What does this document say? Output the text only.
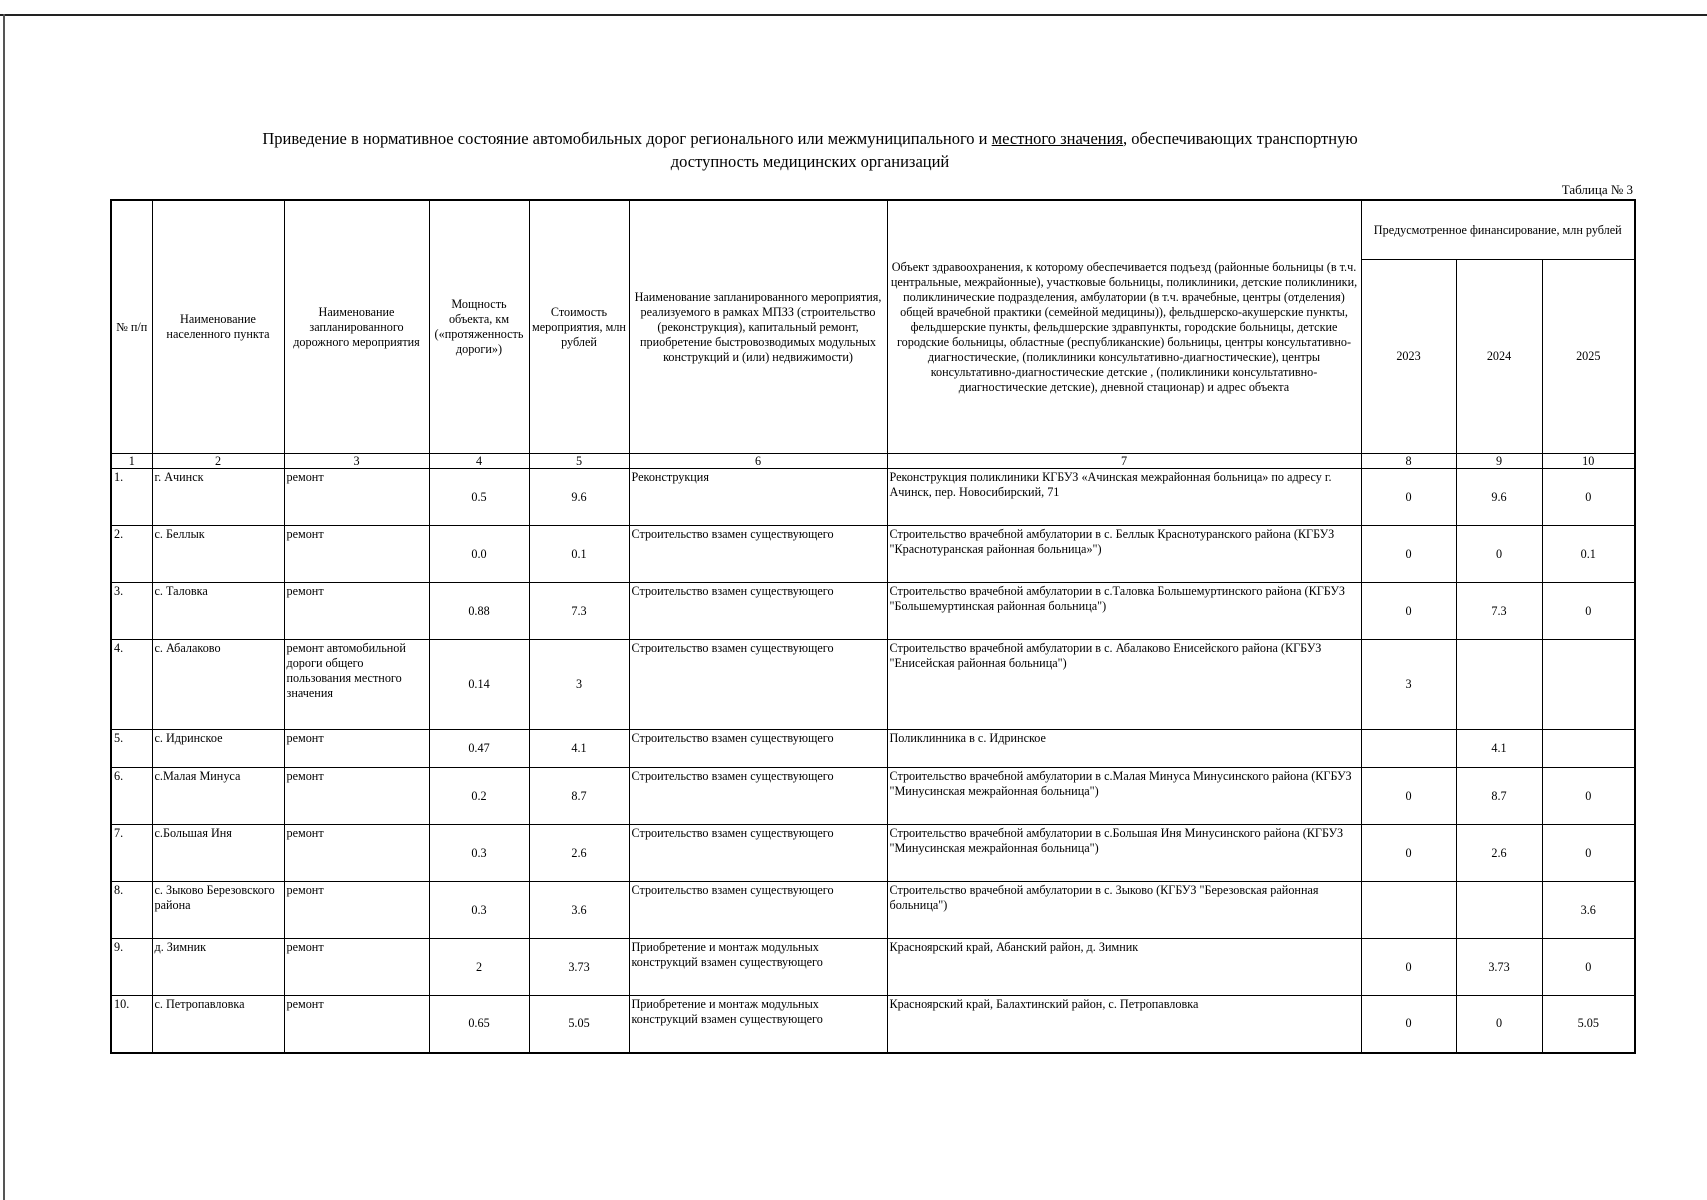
Приведение в нормативное состояние автомобильных дорог регионального или межмуниципального и местного значения, обеспечивающих транспортную
доступность медицинских организаций
Таблица № 3
№ п/п	Наименование населенного пункта	Наименование запланированного дорожного мероприятия	Мощность объекта, км («протяженность дороги»)	Стоимость мероприятия, млн рублей	Наименование запланированного мероприятия, реализуемого в рамках МПЗЗ (строительство (реконструкция), капитальный ремонт, приобретение быстровозводимых модульных конструкций и (или) недвижимости)	Объект здравоохранения, к которому обеспечивается подъезд (районные больницы (в т.ч. центральные, межрайонные), участковые больницы, поликлиники, детские поликлиники, поликлинические подразделения, амбулатории (в т.ч. врачебные, центры (отделения) общей врачебной практики (семейной медицины)), фельдшерско-акушерские пункты, фельдшерские пункты, фельдшерские здравпункты, городские больницы, детские городские больницы, областные (республиканские) больницы, центры консультативно-диагностические, (поликлиники консультативно-диагностические), центры консультативно-диагностические детские , (поликлиники консультативно-диагностические детские), дневной стационар) и адрес объекта	Предусмотренное финансирование, млн рублей		
							2023	2024	2025
1	2	3	4	5	6	7	8	9	10
1.	г. Ачинск	ремонт	0.5	9.6	Реконструкция	Реконструкция поликлиники КГБУЗ «Ачинская межрайонная больница» по адресу г. Ачинск, пер. Новосибирский, 71	0	9.6	0
2.	с. Беллык	ремонт	0.0	0.1	Строительство взамен существующего	Строительство врачебной амбулатории в с. Беллык Краснотуранского района (КГБУЗ "Краснотуранская районная больница»")	0	0	0.1
3.	с. Таловка	ремонт	0.88	7.3	Строительство взамен существующего	Строительство врачебной амбулатории в с.Таловка Большемуртинского района (КГБУЗ "Большемуртинская районная больница")	0	7.3	0
4.	с. Абалаково	ремонт автомобильной дороги общего пользования местного значения	0.14	3	Строительство взамен существующего	Строительство врачебной амбулатории в с. Абалаково Енисейского района (КГБУЗ "Енисейская районная больница")	3		
5.	с. Идринское	ремонт	0.47	4.1	Строительство взамен существующего	Поликлинника в с. Идринское		4.1	
6.	с.Малая Минуса	ремонт	0.2	8.7	Строительство взамен существующего	Строительство врачебной амбулатории в с.Малая Минуса Минусинского района (КГБУЗ "Минусинская межрайонная больница")	0	8.7	0
7.	с.Большая Иня	ремонт	0.3	2.6	Строительство взамен существующего	Строительство врачебной амбулатории в с.Большая Иня Минусинского района (КГБУЗ "Минусинская межрайонная больница")	0	2.6	0
8.	с. Зыково Березовского района	ремонт	0.3	3.6	Строительство взамен существующего	Строительство врачебной амбулатории в с. Зыково (КГБУЗ "Березовская районная больница")			3.6
9.	д. Зимник	ремонт	2	3.73	Приобретение и монтаж модульных конструкций взамен существующего	Красноярский край, Абанский район, д. Зимник	0	3.73	0
10.	с. Петропавловка	ремонт	0.65	5.05	Приобретение и монтаж модульных конструкций взамен существующего	Красноярский край, Балахтинский район, с. Петропавловка	0	0	5.05
